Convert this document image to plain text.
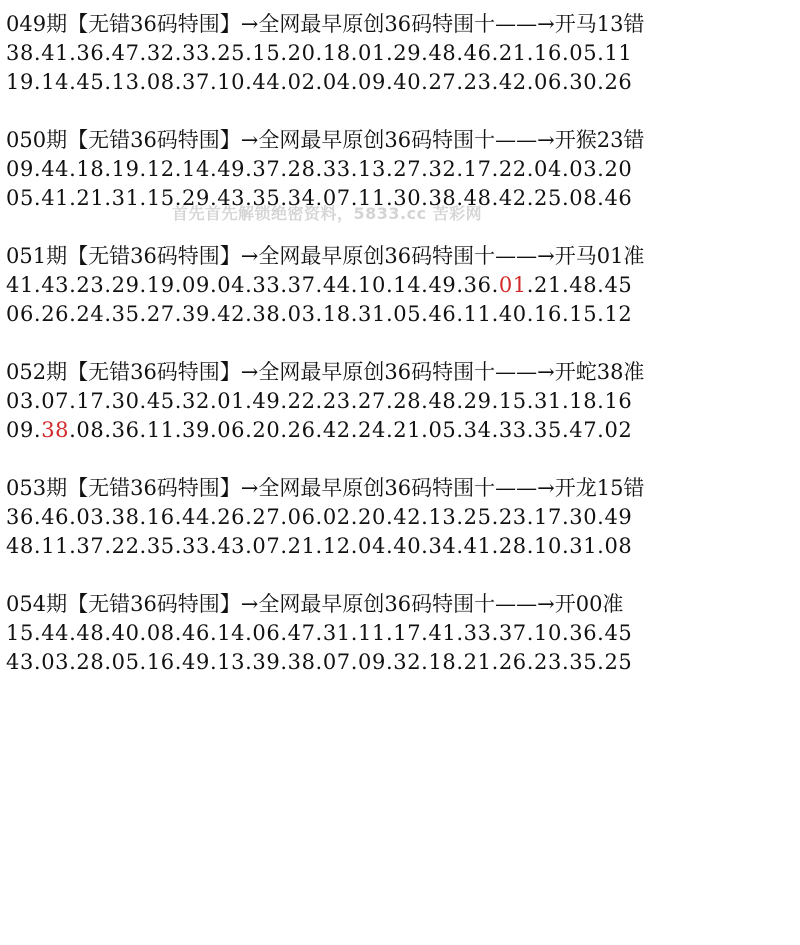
049期【无错36码特围】→全网最早原创36码特围十——→开马13错
38.41.36.47.32.33.25.15.20.18.01.29.48.46.21.16.05.11
19.14.45.13.08.37.10.44.02.04.09.40.27.23.42.06.30.26
050期【无错36码特围】→全网最早原创36码特围十——→开猴23错
09.44.18.19.12.14.49.37.28.33.13.27.32.17.22.04.03.20
05.41.21.31.15.29.43.35.34.07.11.30.38.48.42.25.08.46
051期【无错36码特围】→全网最早原创36码特围十——→开马01准
41.43.23.29.19.09.04.33.37.44.10.14.49.36.01.21.48.45
06.26.24.35.27.39.42.38.03.18.31.05.46.11.40.16.15.12
052期【无错36码特围】→全网最早原创36码特围十——→开蛇38准
03.07.17.30.45.32.01.49.22.23.27.28.48.29.15.31.18.16
09.38.08.36.11.39.06.20.26.42.24.21.05.34.33.35.47.02
053期【无错36码特围】→全网最早原创36码特围十——→开龙15错
36.46.03.38.16.44.26.27.06.02.20.42.13.25.23.17.30.49
48.11.37.22.35.33.43.07.21.12.04.40.34.41.28.10.31.08
054期【无错36码特围】→全网最早原创36码特围十——→开00准
15.44.48.40.08.46.14.06.47.31.11.17.41.33.37.10.36.45
43.03.28.05.16.49.13.39.38.07.09.32.18.21.26.23.35.25
首先首先解锁绝密资料，5833.cc 苦彩网
